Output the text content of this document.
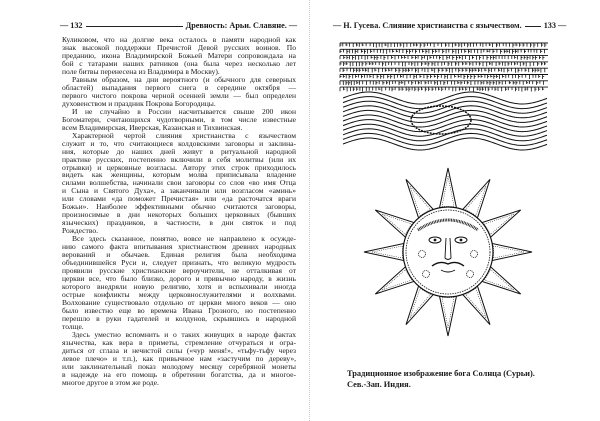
—
132	Древность: Арьи. Славяне.
—	—
Н. Гусева. Слияние христианства с язычеством.	133
—
Куликовом, что на долгие века осталось в памяти народной как
знак высокой поддержки Пречистой Девой русских воинов. По
преданию, икона Владимирской Божьей Матери сопровождала на
бой с татарами наших ратников (она была через несколько лет
поле битвы перенесена из Владимира в Москву).
Равным образом, на дни вероятного (и обычного для северных
областей) выпадания первого снега в середине октября —
первого чистого покрова черной осенней земли — был определен
духовенством и праздник Покрова Богородицы.
И не случайно в России насчитывается свыше 200 икон
Богоматери, считающихся чудотворными, в том числе известные
всем Владимирская, Иверская, Казанская и Тихвинская.
Характерной чертой слияния христианства с язычеством
служит и то, что считающиеся колдовскими заговоры и заклина-
ния, которые до наших дней живут в ритуальной народной
практике русских, постепенно включили в себя молитвы (или их
отрывки) и церковные возгласы. Автору этих строк приходилось
видеть как женщины, которым молва приписывала владение
силами волшебства, начинали свои заговоры со слов «во имя Отца
и Сына и Святого Духа», а заканчивали или возгласом «аминь»
или словами «да поможет Пречистая» или «да расточатся враги
Божьи». Наиболее эффективными обычно считаются заговоры,
произносимые в дни некоторых больших церковных (бывших
языческих) праздников, в частности, в дни святок и под
Рождество.
Все здесь сказанное, понятно, вовсе не направлено к осужде-
нию самого факта впитывания христианством древних народных
верований и обычаев. Единая религия была необходима
объединившейся Руси и, следует признать, что великую мудрость
проявили русские христианские вероучители, не отталкивая от
церкви все, что было близко, дорого и привычно народу, в жизнь
которого внедряли новую религию, хотя и вспыхивали иногда
острые конфликты между церковнослужителями и волхвами.
Волхование существовало отдельно от церкви много веков — оно
было известно еще во времена Ивана Грозного, но постепенно
перешло в руки гадателей и колдунов, скрывшись в народной
толще.
Здесь уместно вспомнить и о таких живущих в народе фактах
язычества, как вера в приметы, стремление отчураться и огра-
диться от сглаза и нечистой силы («чур меня!», «тьфу-тьфу через
левое плечо» и т.п.), как привычное нам «застучим по дереву»,
или заклинательный показ молодому месяцу серебряной монеты
в надежде на его помощь в обретении богатства, да и многое-
многое другое в этом же роде.
Традиционное изображение бога Солнца (Сурьи).
Сев.-Зап. Индия.
